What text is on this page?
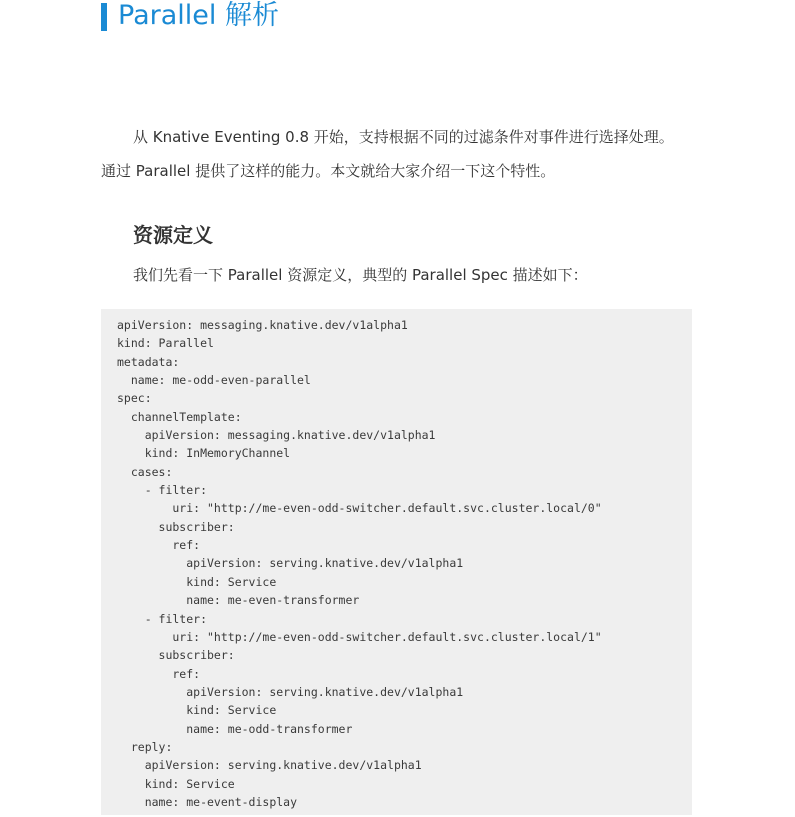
Parallel 解析

从 Knative Eventing 0.8 开始，支持根据不同的过滤条件对事件进行选择处理。
通过 Parallel 提供了这样的能力。本文就给大家介绍一下这个特性。

资源定义
我们先看一下 Parallel 资源定义，典型的 Parallel Spec 描述如下：
apiVersion: messaging.knative.dev/v1alpha1
kind: Parallel
metadata:
name: me-odd-even-parallel
spec:
channelTemplate:
apiVersion: messaging.knative.dev/v1alpha1
kind: InMemoryChannel
cases:
- filter:
uri: "http://me-even-odd-switcher.default.svc.cluster.local/0"
subscriber:
ref:
apiVersion: serving.knative.dev/v1alpha1
kind: Service
name: me-even-transformer
- filter:
uri: "http://me-even-odd-switcher.default.svc.cluster.local/1"
subscriber:
ref:
apiVersion: serving.knative.dev/v1alpha1
kind: Service
name: me-odd-transformer
reply:
apiVersion: serving.knative.dev/v1alpha1
kind: Service
name: me-event-display
